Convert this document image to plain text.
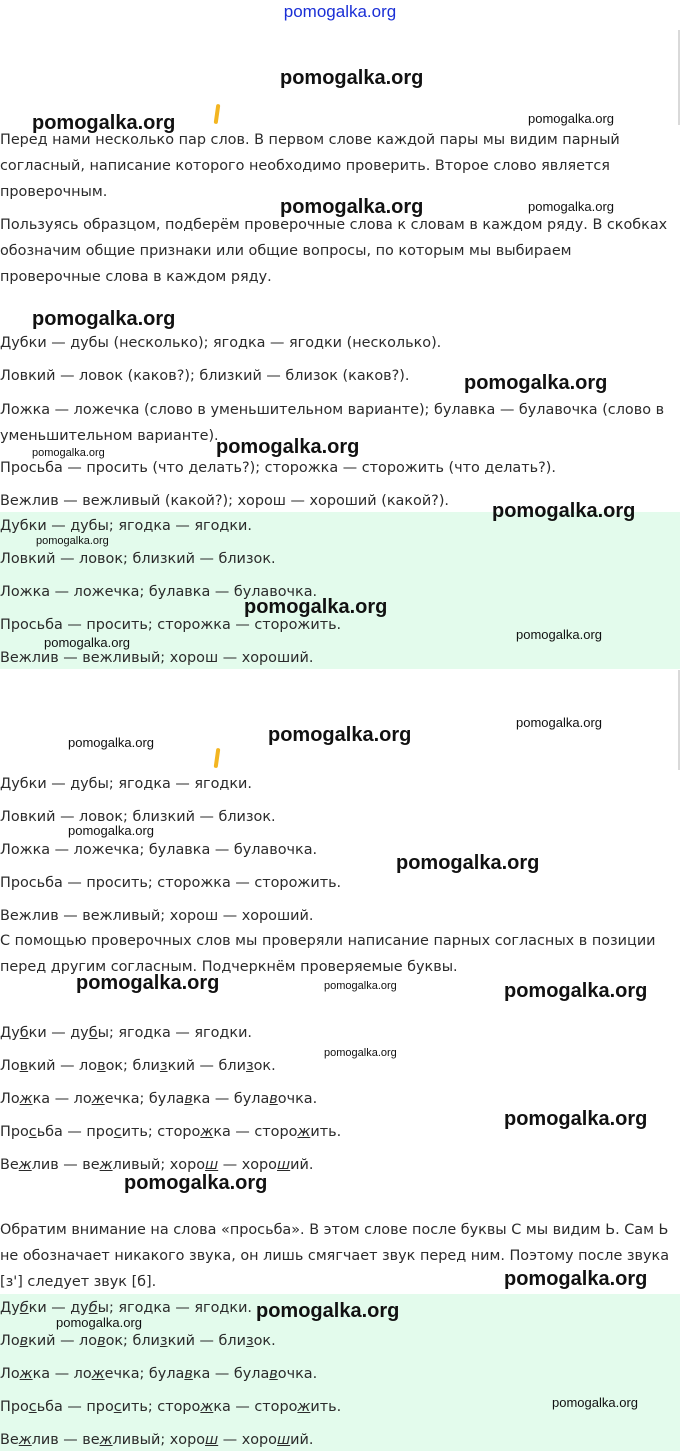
pomogalka.org

Перед нами несколько пар слов. В первом слове каждой пары мы видим парный согласный, написание которого необходимо проверить. Второе слово является проверочным.

Пользуясь образцом, подберём проверочные слова к словам в каждом ряду. В скобках обозначим общие признаки или общие вопросы, по которым мы выбираем проверочные слова в каждом ряду.

Дубки — дубы (несколько); ягодка — ягодки (несколько).

Ловкий — ловок (каков?); близкий — близок (каков?).

Ложка — ложечка (слово в уменьшительном варианте); булавка — булавочка (слово в уменьшительном варианте).

Просьба — просить (что делать?); сторожка — сторожить (что делать?).

Вежлив — вежливый (какой?); хорош — хороший (какой?).

Дубки — дубы; ягодка — ягодки.

Ловкий — ловок; близкий — близок.

Ложка — ложечка; булавка — булавочка.

Просьба — просить; сторожка — сторожить.

Вежлив — вежливый; хорош — хороший.

Дубки — дубы; ягодка — ягодки.

Ловкий — ловок; близкий — близок.

Ложка — ложечка; булавка — булавочка.

Просьба — просить; сторожка — сторожить.

Вежлив — вежливый; хорош — хороший.

С помощью проверочных слов мы проверяли написание парных согласных в позиции перед другим согласным. Подчеркнём проверяемые буквы.

Дубки — дубы; ягодка — ягодки.

Ловкий — ловок; близкий — близок.

Ложка — ложечка; булавка — булавочка.

Просьба — просить; сторожка — сторожить.

Вежлив — вежливый; хорош — хороший.

Обратим внимание на слова «просьба». В этом слове после буквы С мы видим Ь. Сам Ь не обозначает никакого звука, он лишь смягчает звук перед ним. Поэтому после звука [з'] следует звук [б].

Дубки — дубы; ягодка — ягодки.

Ловкий — ловок; близкий — близок.

Ложка — ложечка; булавка — булавочка.

Просьба — просить; сторожка — сторожить.

Вежлив — вежливый; хорош — хороший.

pomogalka.org
pomogalka.org	pomogalka.org
pomogalka.org	pomogalka.org
pomogalka.org
pomogalka.org
pomogalka.org
pomogalka.org
pomogalka.org
pomogalka.org
pomogalka.org
pomogalka.org
pomogalka.org
pomogalka.org
pomogalka.org
pomogalka.org
pomogalka.org
pomogalka.org
pomogalka.org	pomogalka.org	pomogalka.org
pomogalka.org
pomogalka.org
pomogalka.org
pomogalka.org
pomogalka.org
pomogalka.org
pomogalka.org
